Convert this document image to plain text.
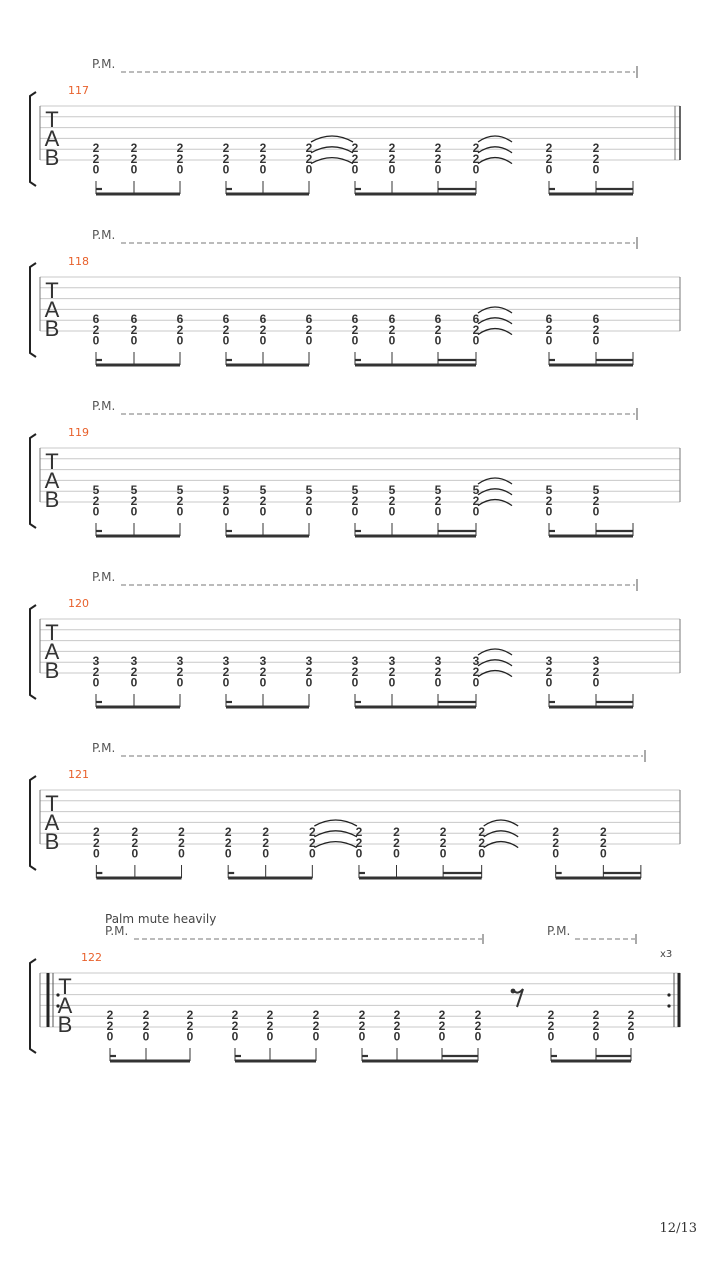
T
A
B
117
P.M.
2
2
0
2
2
0
2
2
0
2
2
0
2
2
0
2
2
0
2
2
0
2
2
0
2
2
0
2
2
0
2
2
0
2
2
0
T
A
B
118
P.M.
6
2
0
6
2
0
6
2
0
6
2
0
6
2
0
6
2
0
6
2
0
6
2
0
6
2
0
6
2
0
6
2
0
6
2
0
T
A
B
119
P.M.
5
2
0
5
2
0
5
2
0
5
2
0
5
2
0
5
2
0
5
2
0
5
2
0
5
2
0
5
2
0
5
2
0
5
2
0
T
A
B
120
P.M.
3
2
0
3
2
0
3
2
0
3
2
0
3
2
0
3
2
0
3
2
0
3
2
0
3
2
0
3
2
0
3
2
0
3
2
0
T
A
B
121
P.M.
2
2
0
2
2
0
2
2
0
2
2
0
2
2
0
2
2
0
2
2
0
2
2
0
2
2
0
2
2
0
2
2
0
2
2
0
x3
T
A
B
122
Palm mute heavily
P.M.	P.M.
2
2
0
2
2
0
2
2
0
2
2
0
2
2
0
2
2
0
2
2
0
2
2
0
2
2
0
2
2
0
2
2
0
2
2
0
2
2
0
12/13
